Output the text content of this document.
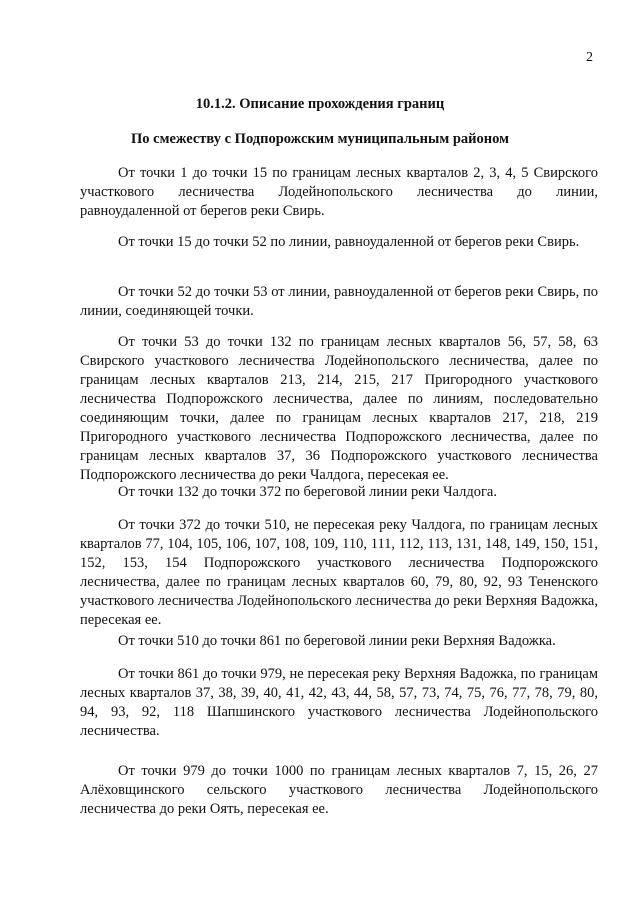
2
10.1.2. Описание прохождения границ
По смежеству с Подпорожским муниципальным районом

От точки 1 до точки 15 по границам лесных кварталов 2, 3, 4, 5 Свирского участкового лесничества Лодейнопольского лесничества до линии, равноудаленной от берегов реки Свирь.

От точки 15 до точки 52 по линии, равноудаленной от берегов реки Свирь.

От точки 52 до точки 53 от линии, равноудаленной от берегов реки Свирь, по линии, соединяющей точки.

От точки 53 до точки 132 по границам лесных кварталов 56, 57, 58, 63 Свирского участкового лесничества Лодейнопольского лесничества, далее по границам лесных кварталов 213, 214, 215, 217 Пригородного участкового лесничества Подпорожского лесничества, далее по линиям, последовательно соединяющим точки, далее по границам лесных кварталов 217, 218, 219 Пригородного участкового лесничества Подпорожского лесничества, далее по границам лесных кварталов 37, 36 Подпорожского участкового лесничества Подпорожского лесничества до реки Чалдога, пересекая ее.

От точки 132 до точки 372 по береговой линии реки Чалдога.

От точки 372 до точки 510, не пересекая реку Чалдога, по границам лесных кварталов 77, 104, 105, 106, 107, 108, 109, 110, 111, 112, 113, 131, 148, 149, 150, 151, 152, 153, 154 Подпорожского участкового лесничества Подпорожского лесничества, далее по границам лесных кварталов 60, 79, 80, 92, 93 Тененского участкового лесничества Лодейнопольского лесничества до реки Верхняя Вадожка, пересекая ее.

От точки 510 до точки 861 по береговой линии реки Верхняя Вадожка.

От точки 861 до точки 979, не пересекая реку Верхняя Вадожка, по границам лесных кварталов 37, 38, 39, 40, 41, 42, 43, 44, 58, 57, 73, 74, 75, 76, 77, 78, 79, 80, 94, 93, 92, 118 Шапшинского участкового лесничества Лодейнопольского лесничества.

От точки 979 до точки 1000 по границам лесных кварталов 7, 15, 26, 27 Алёховщинского сельского участкового лесничества Лодейнопольского лесничества до реки Оять, пересекая ее.
